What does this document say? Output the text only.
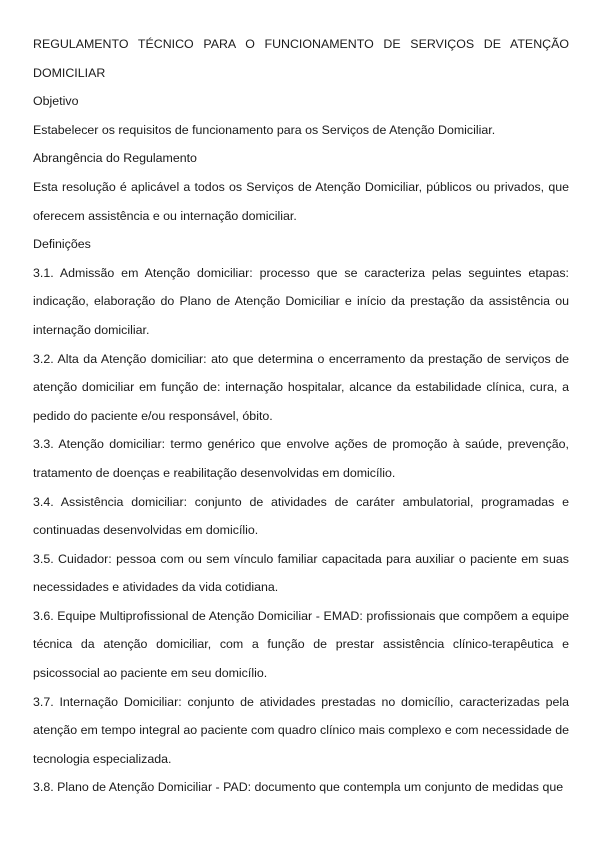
REGULAMENTO TÉCNICO PARA O FUNCIONAMENTO DE SERVIÇOS DE ATENÇÃO DOMICILIAR

Objetivo

Estabelecer os requisitos de funcionamento para os Serviços de Atenção Domiciliar.

Abrangência do Regulamento

Esta resolução é aplicável a todos os Serviços de Atenção Domiciliar, públicos ou privados, que oferecem assistência e ou internação domiciliar.

Definições

3.1. Admissão em Atenção domiciliar: processo que se caracteriza pelas seguintes etapas: indicação, elaboração do Plano de Atenção Domiciliar e início da prestação da assistência ou internação domiciliar.

3.2. Alta da Atenção domiciliar: ato que determina o encerramento da prestação de serviços de atenção domiciliar em função de: internação hospitalar, alcance da estabilidade clínica, cura, a pedido do paciente e/ou responsável, óbito.

3.3. Atenção domiciliar: termo genérico que envolve ações de promoção à saúde, prevenção, tratamento de doenças e reabilitação desenvolvidas em domicílio.

3.4. Assistência domiciliar: conjunto de atividades de caráter ambulatorial, programadas e continuadas desenvolvidas em domicílio.

3.5. Cuidador: pessoa com ou sem vínculo familiar capacitada para auxiliar o paciente em suas necessidades e atividades da vida cotidiana.

3.6. Equipe Multiprofissional de Atenção Domiciliar - EMAD: profissionais que compõem a equipe técnica da atenção domiciliar, com a função de prestar assistência clínico-terapêutica e psicossocial ao paciente em seu domicílio.

3.7. Internação Domiciliar: conjunto de atividades prestadas no domicílio, caracterizadas pela atenção em tempo integral ao paciente com quadro clínico mais complexo e com necessidade de tecnologia especializada.

3.8. Plano de Atenção Domiciliar - PAD: documento que contempla um conjunto de medidas que
